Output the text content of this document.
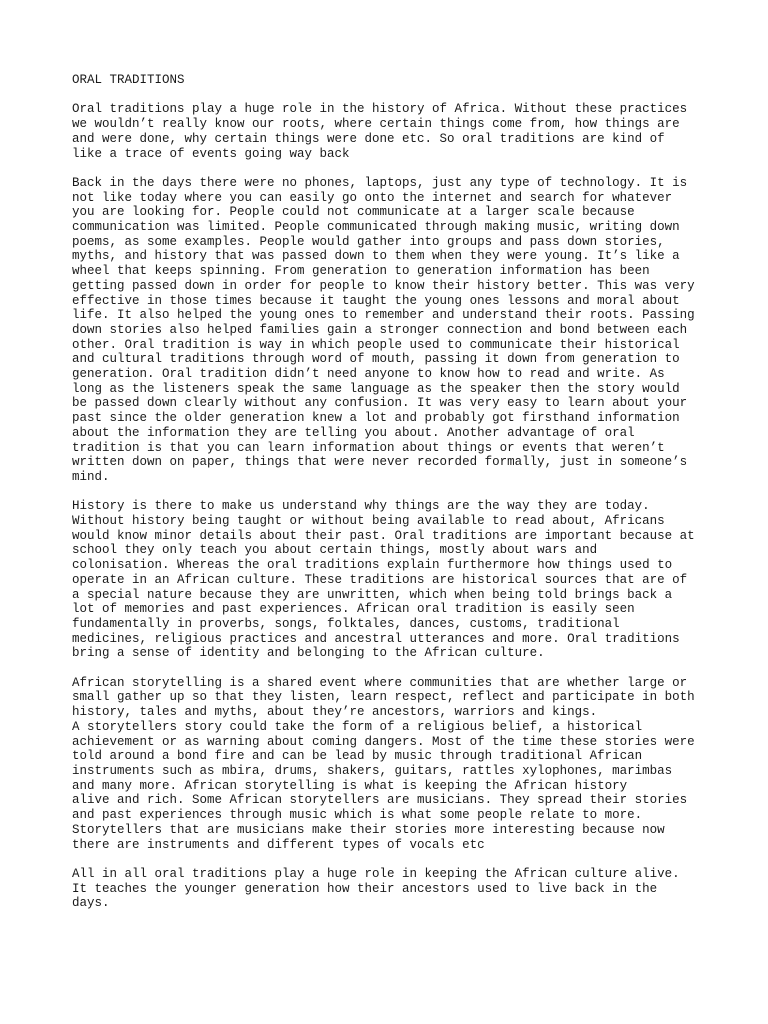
ORAL TRADITIONS

Oral traditions play a huge role in the history of Africa. Without these practices
we wouldn’t really know our roots, where certain things come from, how things are
and were done, why certain things were done etc. So oral traditions are kind of
like a trace of events going way back

Back in the days there were no phones, laptops, just any type of technology. It is
not like today where you can easily go onto the internet and search for whatever
you are looking for. People could not communicate at a larger scale because
communication was limited. People communicated through making music, writing down
poems, as some examples. People would gather into groups and pass down stories,
myths, and history that was passed down to them when they were young. It’s like a
wheel that keeps spinning. From generation to generation information has been
getting passed down in order for people to know their history better. This was very
effective in those times because it taught the young ones lessons and moral about
life. It also helped the young ones to remember and understand their roots. Passing
down stories also helped families gain a stronger connection and bond between each
other. Oral tradition is way in which people used to communicate their historical
and cultural traditions through word of mouth, passing it down from generation to
generation. Oral tradition didn’t need anyone to know how to read and write. As
long as the listeners speak the same language as the speaker then the story would
be passed down clearly without any confusion. It was very easy to learn about your
past since the older generation knew a lot and probably got firsthand information
about the information they are telling you about. Another advantage of oral
tradition is that you can learn information about things or events that weren’t
written down on paper, things that were never recorded formally, just in someone’s
mind.

History is there to make us understand why things are the way they are today.
Without history being taught or without being available to read about, Africans
would know minor details about their past. Oral traditions are important because at
school they only teach you about certain things, mostly about wars and
colonisation. Whereas the oral traditions explain furthermore how things used to
operate in an African culture. These traditions are historical sources that are of
a special nature because they are unwritten, which when being told brings back a
lot of memories and past experiences. African oral tradition is easily seen
fundamentally in proverbs, songs, folktales, dances, customs, traditional
medicines, religious practices and ancestral utterances and more. Oral traditions
bring a sense of identity and belonging to the African culture.

African storytelling is a shared event where communities that are whether large or
small gather up so that they listen, learn respect, reflect and participate in both
history, tales and myths, about they’re ancestors, warriors and kings.
A storytellers story could take the form of a religious belief, a historical
achievement or as warning about coming dangers. Most of the time these stories were
told around a bond fire and can be lead by music through traditional African
instruments such as mbira, drums, shakers, guitars, rattles xylophones, marimbas
and many more. African storytelling is what is keeping the African history
alive and rich. Some African storytellers are musicians. They spread their stories
and past experiences through music which is what some people relate to more.
Storytellers that are musicians make their stories more interesting because now
there are instruments and different types of vocals etc

All in all oral traditions play a huge role in keeping the African culture alive.
It teaches the younger generation how their ancestors used to live back in the
days.
